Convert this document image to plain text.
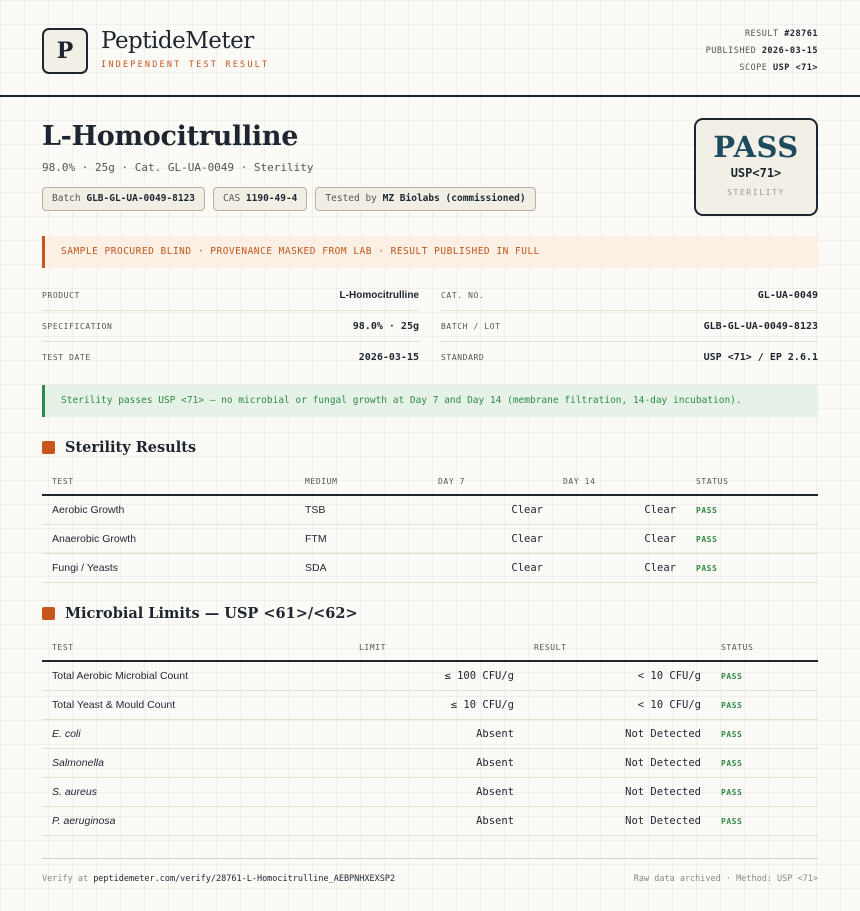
P	PeptideMeter
INDEPENDENT TEST RESULT
RESULT #28761
PUBLISHED 2026-03-15
SCOPE USP <71>
L-Homocitrulline
98.0% · 25g · Cat. GL-UA-0049 · Sterility
Batch GLB-GL-UA-0049-8123	CAS 1190-49-4	Tested by MZ Biolabs (commissioned)
PASS
USP<71>
STERILITY
SAMPLE PROCURED BLIND · PROVENANCE MASKED FROM LAB · RESULT PUBLISHED IN FULL
PRODUCT	L-Homocitrulline
SPECIFICATION	98.0% · 25g
TEST DATE	2026-03-15
CAT. NO.	GL-UA-0049
BATCH / LOT	GLB-GL-UA-0049-8123
STANDARD	USP <71> / EP 2.6.1
Sterility passes USP <71> — no microbial or fungal growth at Day 7 and Day 14 (membrane filtration, 14-day incubation).
Sterility Results
TEST	MEDIUM	DAY 7	DAY 14	STATUS
Aerobic Growth	TSB	Clear	Clear	PASS
Anaerobic Growth	FTM	Clear	Clear	PASS
Fungi / Yeasts	SDA	Clear	Clear	PASS
Microbial Limits — USP <61>/<62>
TEST	LIMIT	RESULT	STATUS
Total Aerobic Microbial Count	≤ 100 CFU/g	< 10 CFU/g	PASS
Total Yeast & Mould Count	≤ 10 CFU/g	< 10 CFU/g	PASS
E. coli	Absent	Not Detected	PASS
Salmonella	Absent	Not Detected	PASS
S. aureus	Absent	Not Detected	PASS
P. aeruginosa	Absent	Not Detected	PASS
Verify at peptidemeter.com/verify/28761-L-Homocitrulline_AEBPNHXEXSP2	Raw data archived · Method: USP <71>
